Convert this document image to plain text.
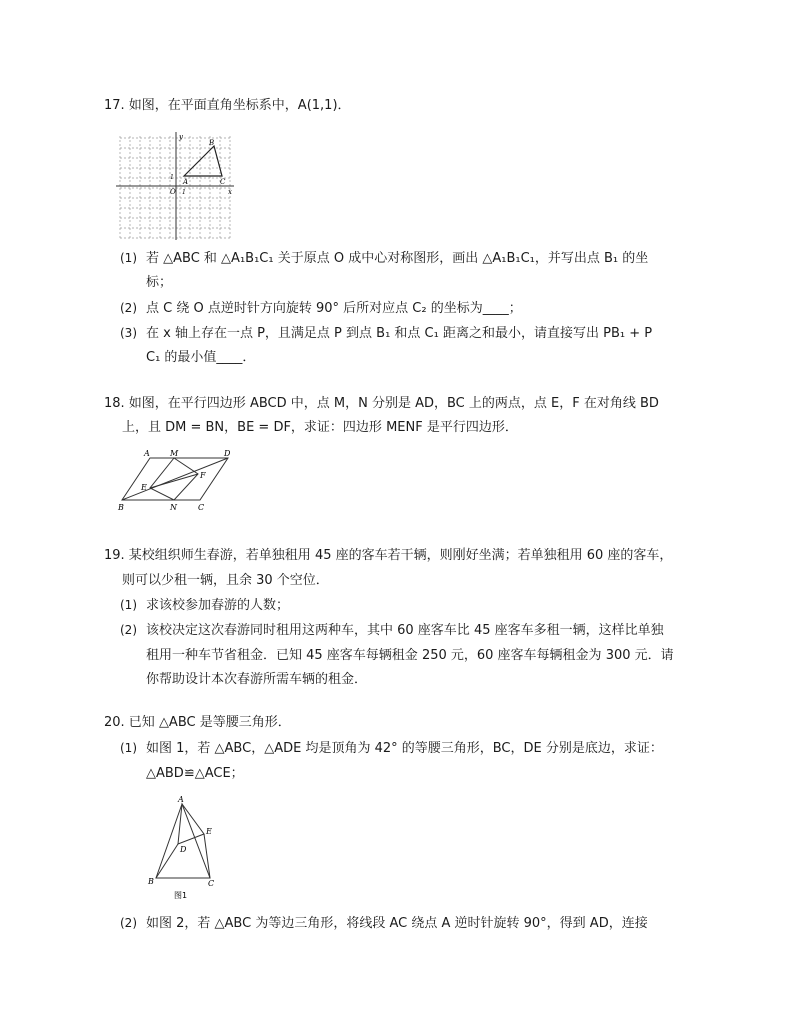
17. 如图，在平面直角坐标系中，A(1,1)．
y
x
O 1
1
A
B
C
(1) 若 △ABC 和 △A₁B₁C₁ 关于原点 O 成中心对称图形，画出 △A₁B₁C₁，并写出点 B₁ 的坐
标；
(2) 点 C 绕 O 点逆时针方向旋转 90° 后所对应点 C₂ 的坐标为____；
(3) 在 x 轴上存在一点 P，且满足点 P 到点 B₁ 和点 C₁ 距离之和最小，请直接写出 PB₁ + P
C₁ 的最小值____．
18. 如图，在平行四边形 ABCD 中，点 M，N 分别是 AD，BC 上的两点，点 E，F 在对角线 BD
上，且 DM = BN，BE = DF，求证：四边形 MENF 是平行四边形．
A	M	D
E
F
B	N	C
19. 某校组织师生春游，若单独租用 45 座的客车若干辆，则刚好坐满；若单独租用 60 座的客车，
则可以少租一辆，且余 30 个空位．
(1) 求该校参加春游的人数；
(2) 该校决定这次春游同时租用这两种车，其中 60 座客车比 45 座客车多租一辆，这样比单独
租用一种车节省租金．已知 45 座客车每辆租金 250 元，60 座客车每辆租金为 300 元．请
你帮助设计本次春游所需车辆的租金．
20. 已知 △ABC 是等腰三角形．
(1) 如图 1，若 △ABC，△ADE 均是顶角为 42° 的等腰三角形，BC，DE 分别是底边，求证：
△ABD≌△ACE；
A
E
D
B	C
图1
(2) 如图 2，若 △ABC 为等边三角形，将线段 AC 绕点 A 逆时针旋转 90°，得到 AD，连接
